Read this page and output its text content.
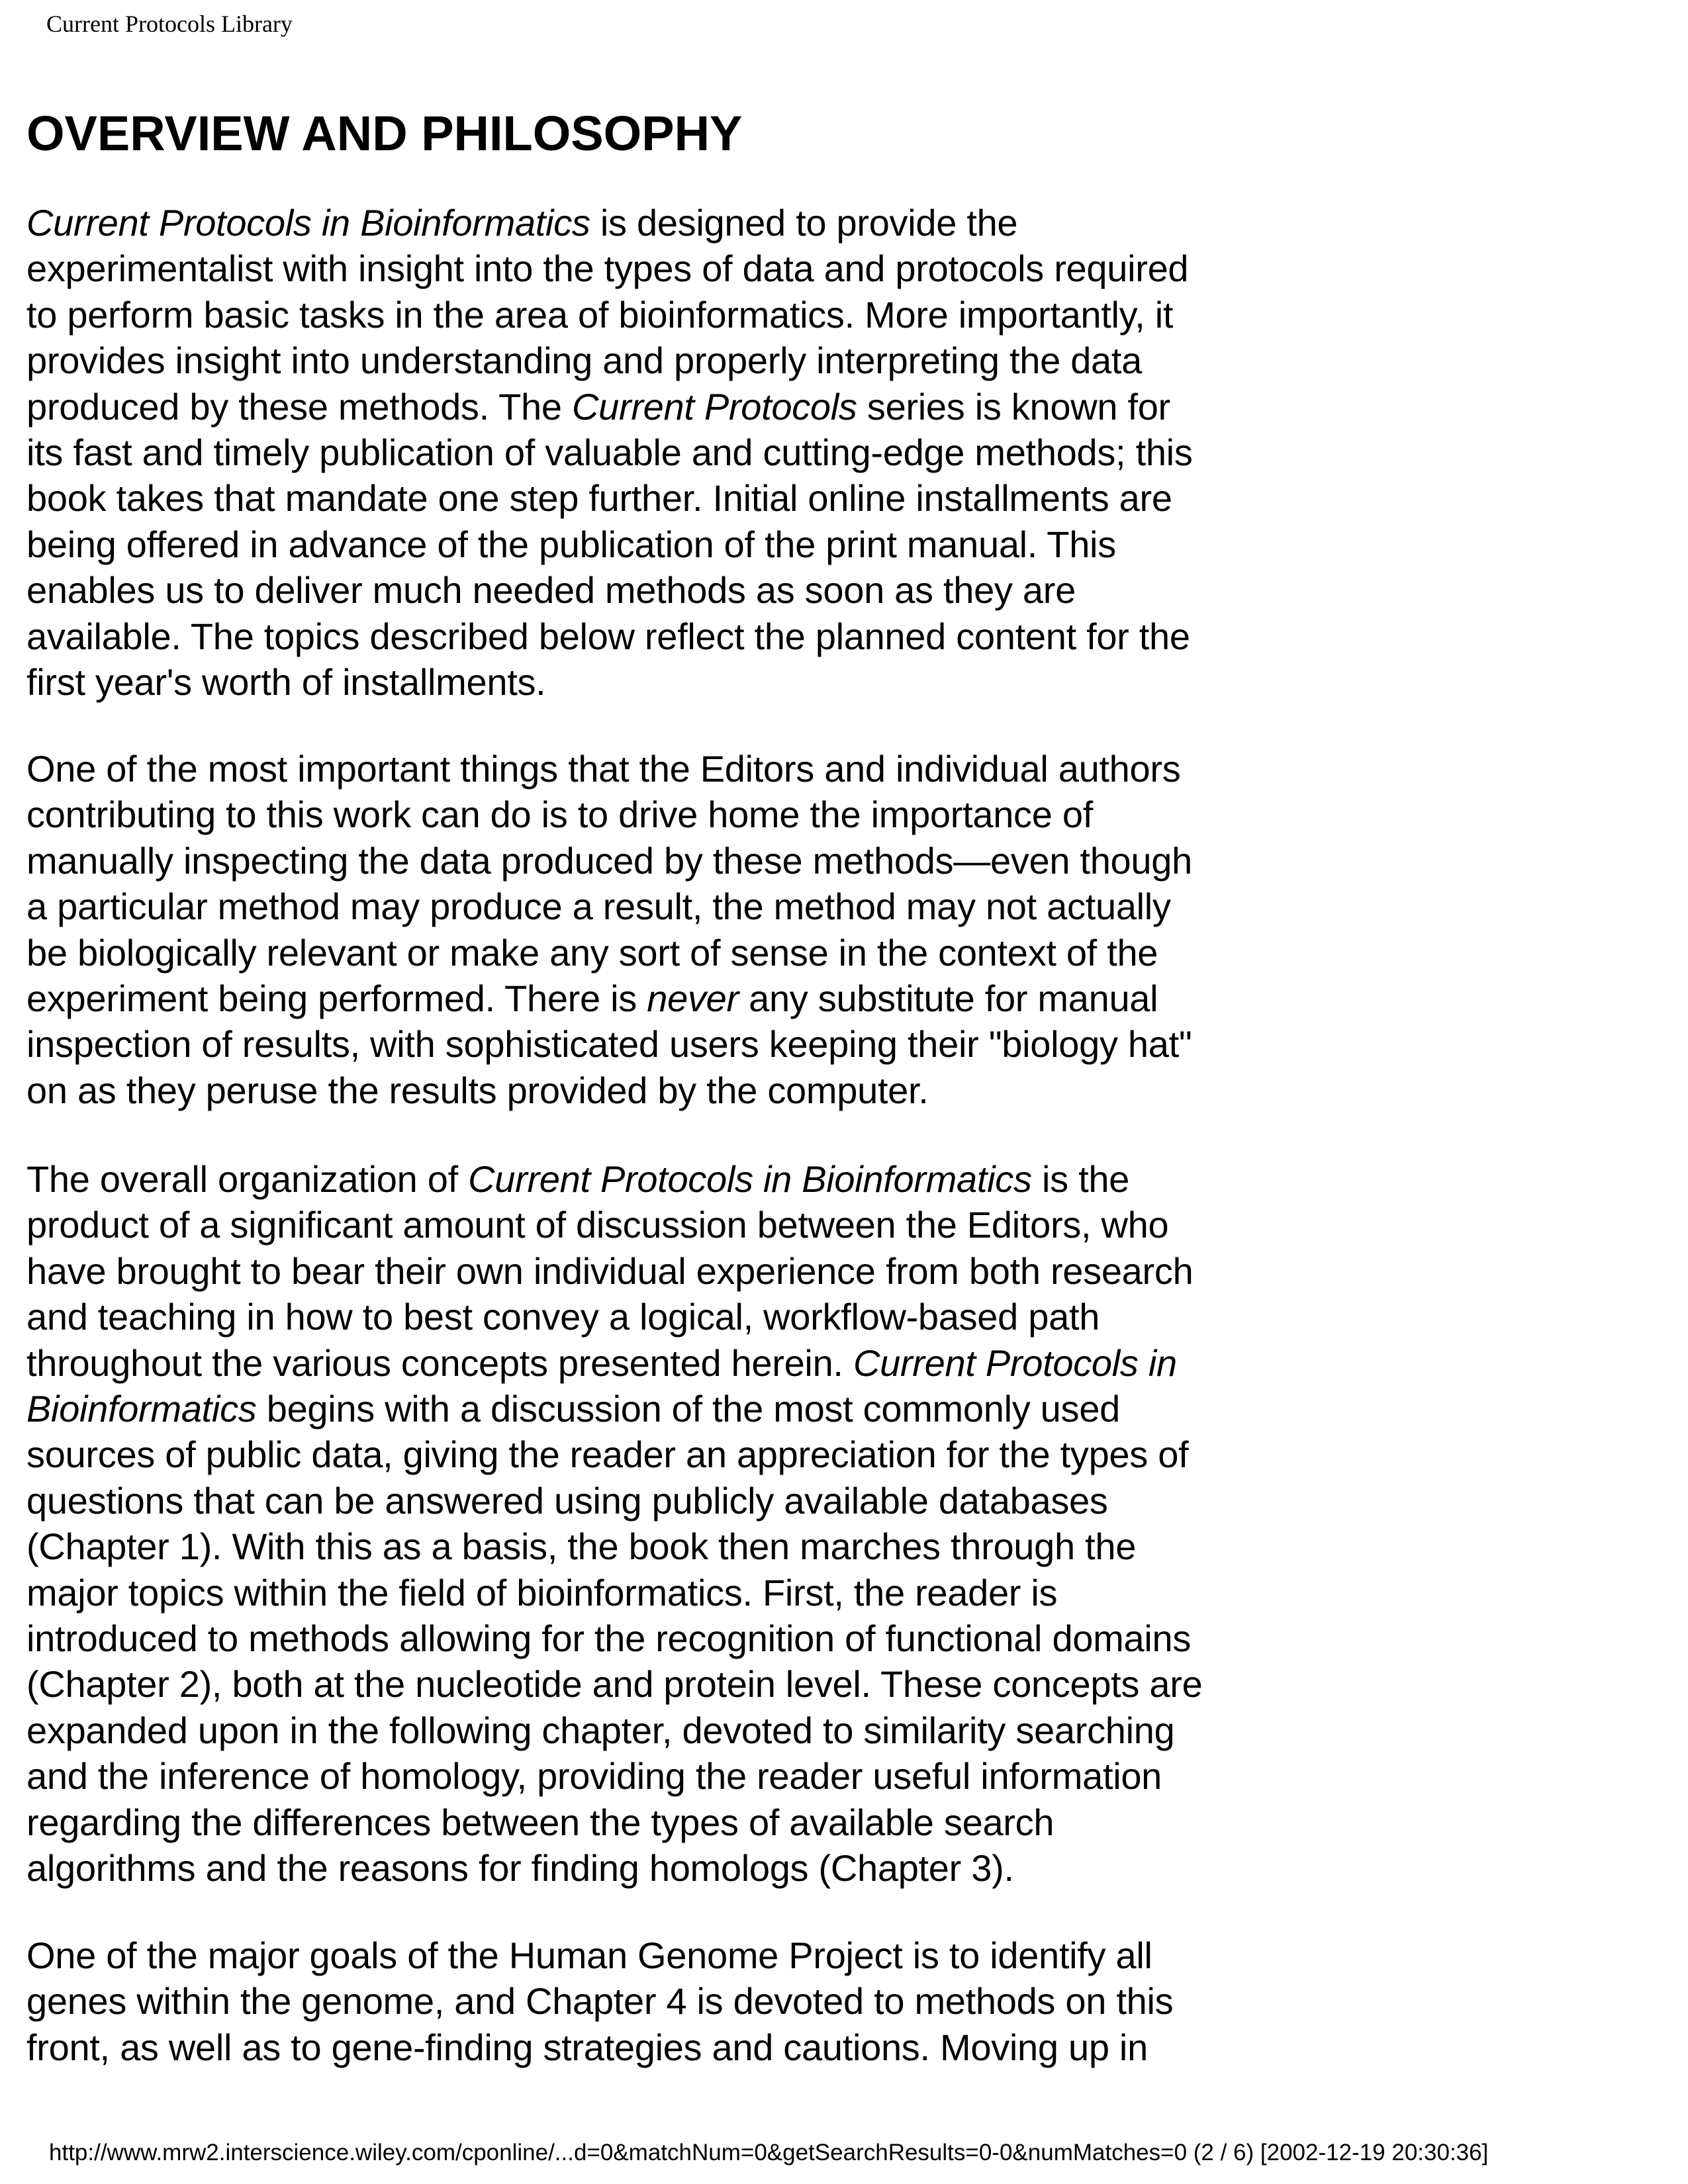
Current Protocols Library
OVERVIEW AND PHILOSOPHY
Current Protocols in Bioinformatics is designed to provide the
experimentalist with insight into the types of data and protocols required
to perform basic tasks in the area of bioinformatics. More importantly, it
provides insight into understanding and properly interpreting the data
produced by these methods. The Current Protocols series is known for
its fast and timely publication of valuable and cutting-edge methods; this
book takes that mandate one step further. Initial online installments are
being offered in advance of the publication of the print manual. This
enables us to deliver much needed methods as soon as they are
available. The topics described below reflect the planned content for the
first year's worth of installments.
One of the most important things that the Editors and individual authors
contributing to this work can do is to drive home the importance of
manually inspecting the data produced by these methods—even though
a particular method may produce a result, the method may not actually
be biologically relevant or make any sort of sense in the context of the
experiment being performed. There is never any substitute for manual
inspection of results, with sophisticated users keeping their "biology hat"
on as they peruse the results provided by the computer.
The overall organization of Current Protocols in Bioinformatics is the
product of a significant amount of discussion between the Editors, who
have brought to bear their own individual experience from both research
and teaching in how to best convey a logical, workflow-based path
throughout the various concepts presented herein. Current Protocols in
Bioinformatics begins with a discussion of the most commonly used
sources of public data, giving the reader an appreciation for the types of
questions that can be answered using publicly available databases
(Chapter 1). With this as a basis, the book then marches through the
major topics within the field of bioinformatics. First, the reader is
introduced to methods allowing for the recognition of functional domains
(Chapter 2), both at the nucleotide and protein level. These concepts are
expanded upon in the following chapter, devoted to similarity searching
and the inference of homology, providing the reader useful information
regarding the differences between the types of available search
algorithms and the reasons for finding homologs (Chapter 3).
One of the major goals of the Human Genome Project is to identify all
genes within the genome, and Chapter 4 is devoted to methods on this
front, as well as to gene-finding strategies and cautions. Moving up in
http://www.mrw2.interscience.wiley.com/cponline/...d=0&matchNum=0&getSearchResults=0-0&numMatches=0 (2 / 6) [2002-12-19 20:30:36]
